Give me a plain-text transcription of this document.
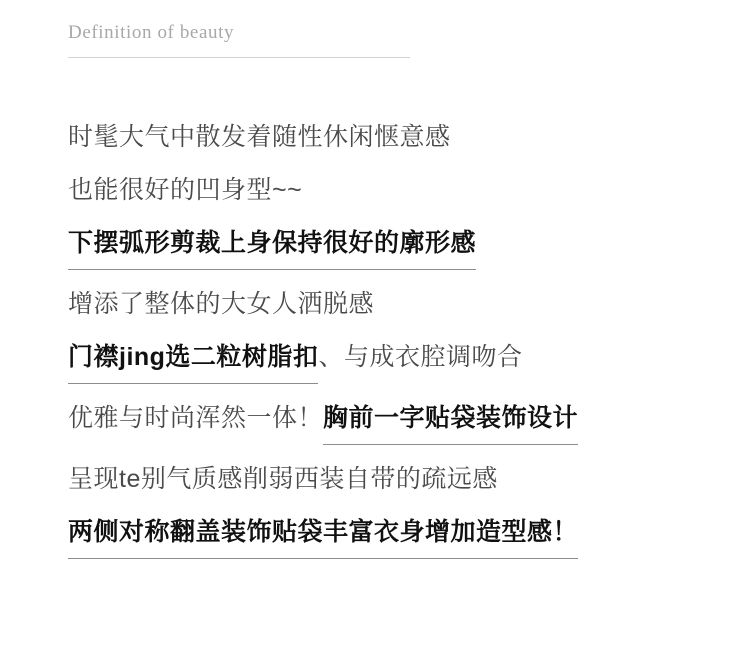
Definition of beauty
时髦大气中散发着随性休闲惬意感
也能很好的凹身型~~
下摆弧形剪裁上身保持很好的廓形感
增添了整体的大女人洒脱感
门襟jing选二粒树脂扣 、与成衣腔调吻合
优雅与时尚浑然一体！ 胸前一字贴袋装饰设计
呈现te别气质感削弱西装自带的疏远感
两侧对称翻盖装饰贴袋丰富衣身增加造型感！
